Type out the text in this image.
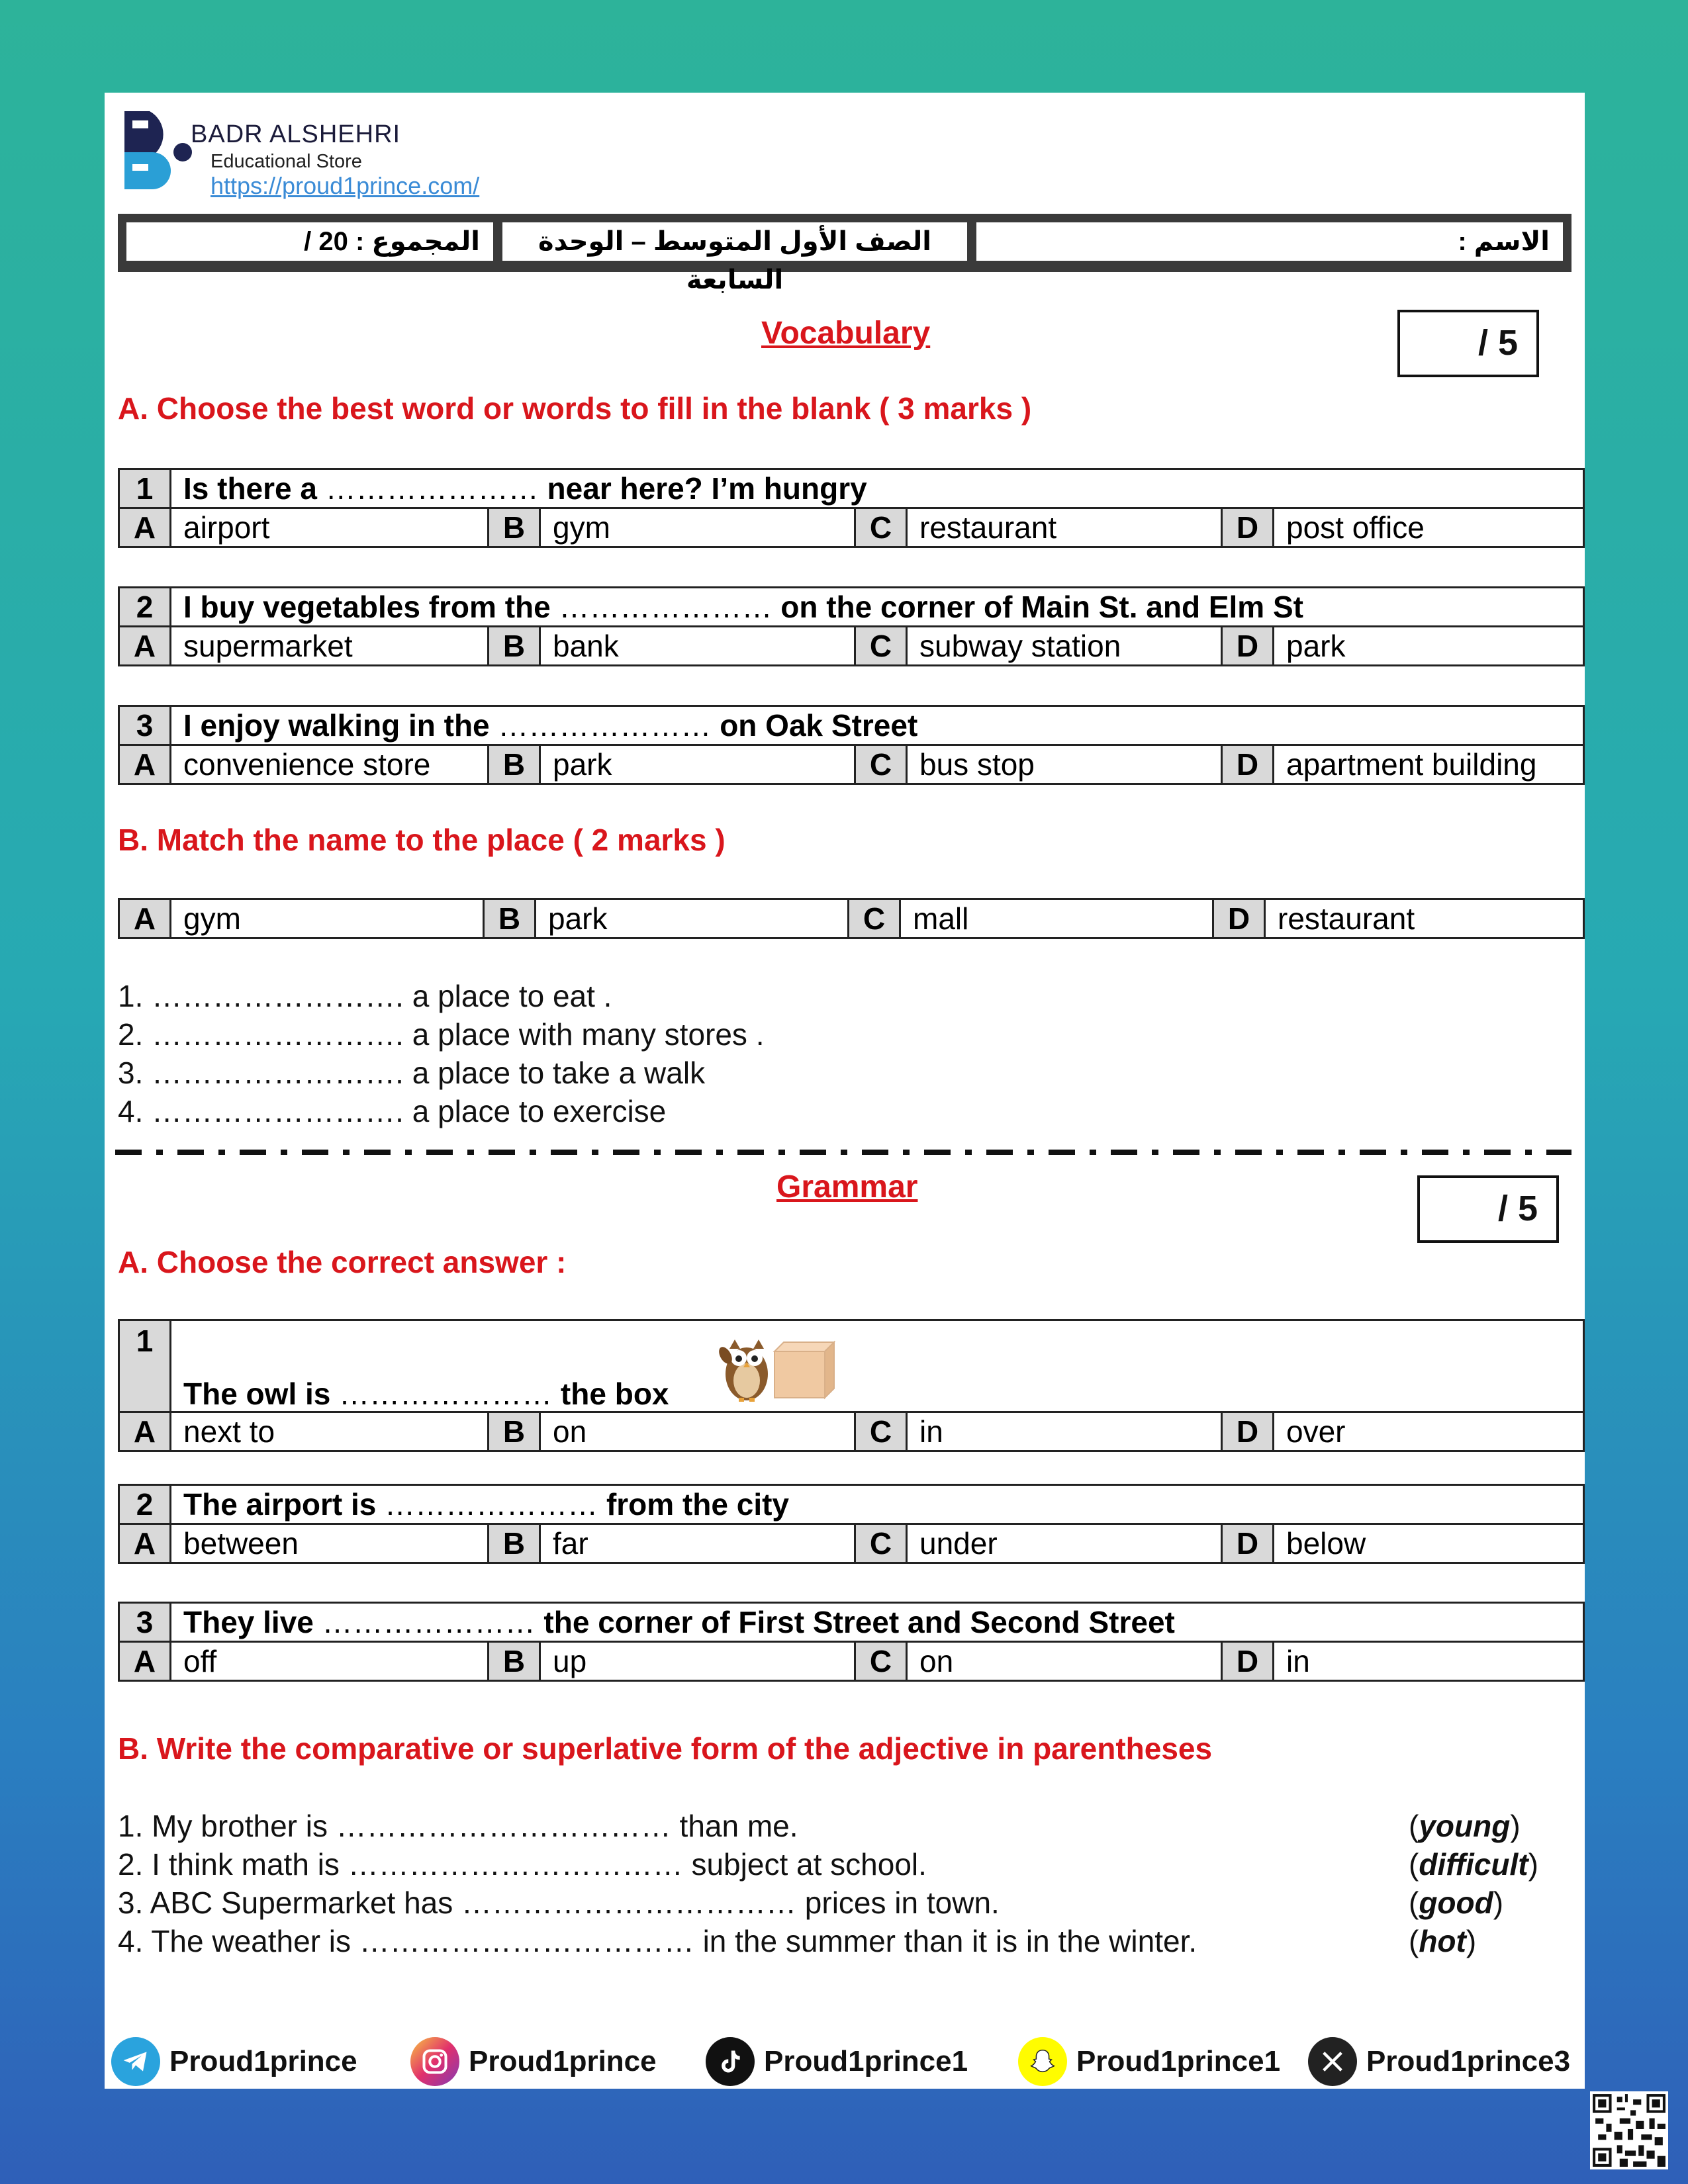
BADR ALSHEHRI
Educational Store
https://proud1prince.com/
المجموع : 20 /	الصف الأول المتوسط – الوحدة السابعة
الاسم :
Vocabulary	/ 5
A. Choose the best word or words to fill in the blank ( 3 marks )
1	Is there a ………………… near here? I’m hungry						
A	airport	B	gym	C	restaurant	D	post office
2	I buy vegetables from the ………………… on the corner of Main St. and Elm St						
A	supermarket	B	bank	C	subway station	D	park
3	I enjoy walking in the ………………… on Oak Street						
A	convenience store	B	park	C	bus stop	D	apartment building
B. Match the name to the place ( 2 marks )
A	gym	B	park	C	mall	D	restaurant
1. ……………………. a place to eat .
2. ……………………. a place with many stores .
3. ……………………. a place to take a walk
4. ……………………. a place to exercise
Grammar
/ 5
A. Choose the correct answer :
1	The owl is ………………… the box						
A	next to	B	on	C	in	D	over
2	The airport is ………………… from the city						
A	between	B	far	C	under	D	below
3	They live ………………… the corner of First Street and Second Street						
A	off	B	up	C	on	D	in
B. Write the comparative or superlative form of the adjective in parentheses
1. My brother is …………………………… than me.	(young)
2. I think math is …………………………… subject at school.	(difficult)
3. ABC Supermarket has …………………………… prices in town.	(good)
4. The weather is …………………………… in the summer than it is in the winter.	(hot)
Proud1prince	Proud1prince	Proud1prince1	Proud1prince1	Proud1prince3
